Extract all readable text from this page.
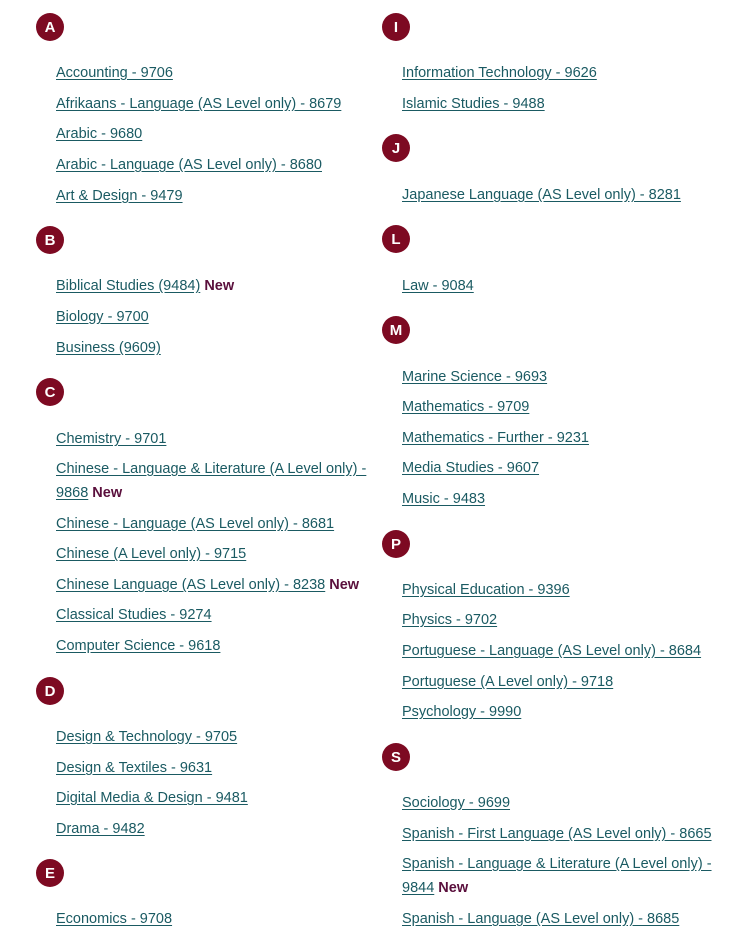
A
Accounting - 9706
Afrikaans - Language (AS Level only) - 8679
Arabic - 9680
Arabic - Language (AS Level only) - 8680
Art & Design - 9479
B
Biblical Studies (9484) New
Biology - 9700
Business (9609)
C
Chemistry - 9701
Chinese - Language & Literature (A Level only) - 9868 New
Chinese - Language (AS Level only) - 8681
Chinese (A Level only) - 9715
Chinese Language (AS Level only) - 8238 New
Classical Studies - 9274
Computer Science - 9618
D
Design & Technology - 9705
Design & Textiles - 9631
Digital Media & Design - 9481
Drama - 9482
E
Economics - 9708
I
Information Technology - 9626
Islamic Studies - 9488
J
Japanese Language (AS Level only) - 8281
L
Law - 9084
M
Marine Science - 9693
Mathematics - 9709
Mathematics - Further - 9231
Media Studies - 9607
Music - 9483
P
Physical Education - 9396
Physics - 9702
Portuguese - Language (AS Level only) - 8684
Portuguese (A Level only) - 9718
Psychology - 9990
S
Sociology - 9699
Spanish - First Language (AS Level only) - 8665
Spanish - Language & Literature (A Level only) - 9844 New
Spanish - Language (AS Level only) - 8685
